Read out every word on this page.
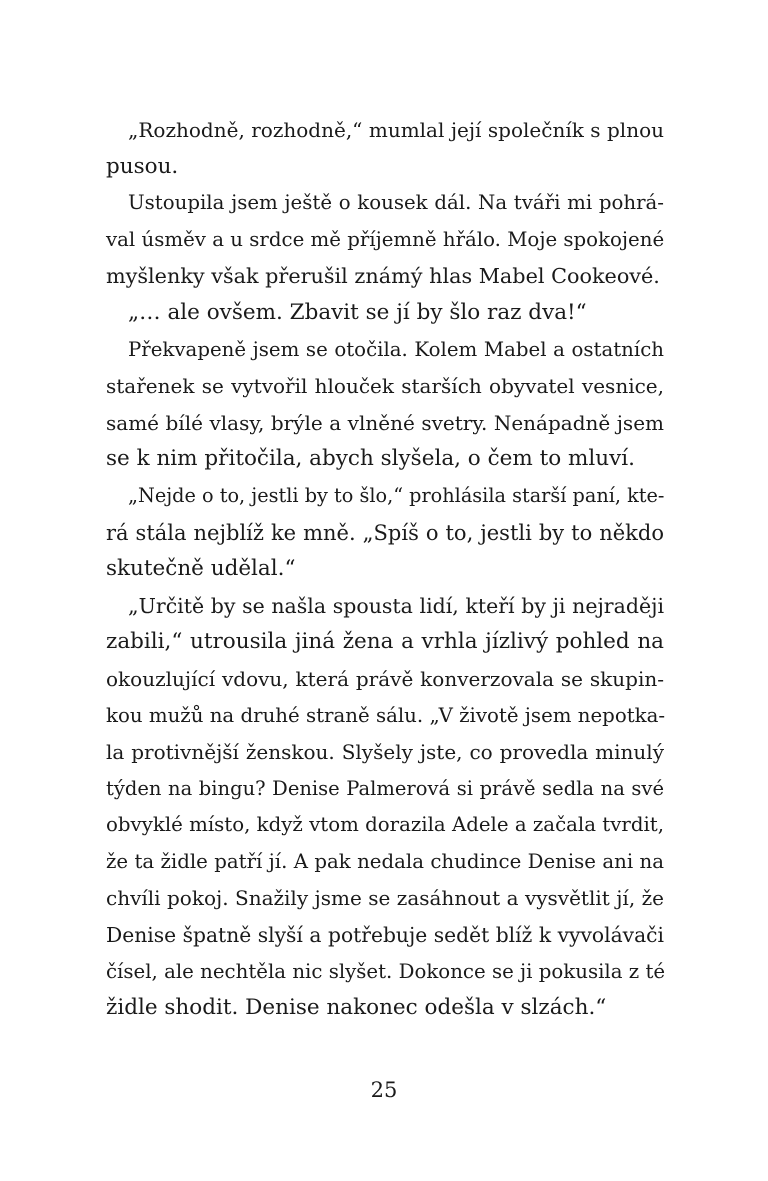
„Rozhodně, rozhodně,“ mumlal její společník s plnou
pusou.
Ustoupila jsem ještě o kousek dál. Na tváři mi pohrá-
val úsměv a u srdce mě příjemně hřálo. Moje spokojené
myšlenky však přerušil známý hlas Mabel Cookeové.
„… ale ovšem. Zbavit se jí by šlo raz dva!“
Překvapeně jsem se otočila. Kolem Mabel a ostatních
stařenek se vytvořil hlouček starších obyvatel vesnice,
samé bílé vlasy, brýle a vlněné svetry. Nenápadně jsem
se k nim přitočila, abych slyšela, o čem to mluví.
„Nejde o to, jestli by to šlo,“ prohlásila starší paní, kte-
rá stála nejblíž ke mně. „Spíš o to, jestli by to někdo
skutečně udělal.“
„Určitě by se našla spousta lidí, kteří by ji nejraději
zabili,“ utrousila jiná žena a vrhla jízlivý pohled na
okouzlující vdovu, která právě konverzovala se skupin-
kou mužů na druhé straně sálu. „V životě jsem nepotka-
la protivnější ženskou. Slyšely jste, co provedla minulý
týden na bingu? Denise Palmerová si právě sedla na své
obvyklé místo, když vtom dorazila Adele a začala tvrdit,
že ta židle patří jí. A pak nedala chudince Denise ani na
chvíli pokoj. Snažily jsme se zasáhnout a vysvětlit jí, že
Denise špatně slyší a potřebuje sedět blíž k vyvolávači
čísel, ale nechtěla nic slyšet. Dokonce se ji pokusila z té
židle shodit. Denise nakonec odešla v slzách.“
25
